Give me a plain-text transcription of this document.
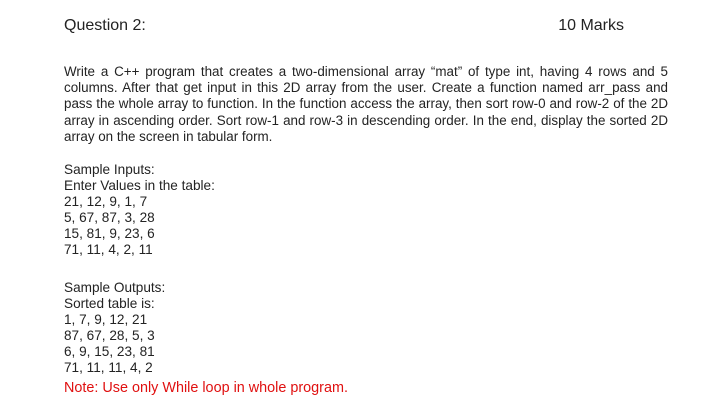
Question 2:	10 Marks
Write a C++ program that creates a two-dimensional array “mat” of type int, having 4 rows and 5 columns. After that get input in this 2D array from the user. Create a function named arr_pass and pass the whole array to function. In the function access the array, then sort row-0 and row-2 of the 2D array in ascending order. Sort row-1 and row-3 in descending order. In the end, display the sorted 2D array on the screen in tabular form.
Sample Inputs:
Enter Values in the table:
21, 12, 9, 1, 7
5, 67, 87, 3, 28
15, 81, 9, 23, 6
71, 11, 4, 2, 11
Sample Outputs:
Sorted table is:
1, 7, 9, 12, 21
87, 67, 28, 5, 3
6, 9, 15, 23, 81
71, 11, 11, 4, 2
Note: Use only While loop in whole program.
